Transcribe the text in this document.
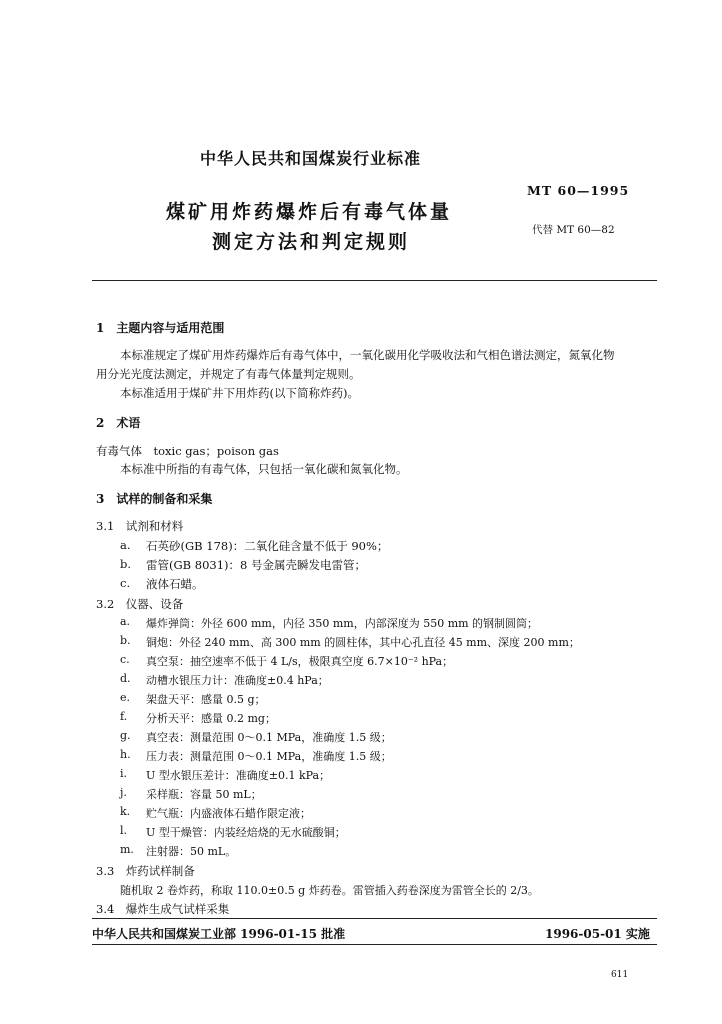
中华人民共和国煤炭行业标准
MT 60—1995
煤矿用炸药爆炸后有毒气体量
测定方法和判定规则
代替 MT 60—82
1　主题内容与适用范围
本标准规定了煤矿用炸药爆炸后有毒气体中，一氧化碳用化学吸收法和气相色谱法测定，氮氧化物
用分光光度法测定，并规定了有毒气体量判定规则。
本标准适用于煤矿井下用炸药(以下简称炸药)。
2　术语
有毒气体　toxic gas；poison gas
本标准中所指的有毒气体，只包括一氧化碳和氮氧化物。
3　试样的制备和采集
3.1　试剂和材料
a. 石英砂(GB 178)：二氧化硅含量不低于 90%；
b. 雷管(GB 8031)：8 号金属壳瞬发电雷管；
c. 液体石蜡。
3.2　仪器、设备
a. 爆炸弹筒：外径 600 mm，内径 350 mm，内部深度为 550 mm 的钢制圆筒；
b. 铜炮：外径 240 mm、高 300 mm 的圆柱体，其中心孔直径 45 mm、深度 200 mm；
c. 真空泵：抽空速率不低于 4 L/s，极限真空度 6.7×10⁻² hPa；
d. 动槽水银压力计：准确度±0.4 hPa；
e. 架盘天平：感量 0.5 g；
f. 分析天平：感量 0.2 mg；
g. 真空表：测量范围 0～0.1 MPa，准确度 1.5 级；
h. 压力表：测量范围 0～0.1 MPa，准确度 1.5 级；
i. U 型水银压差计：准确度±0.1 kPa；
j. 采样瓶：容量 50 mL；
k. 贮气瓶：内盛液体石蜡作限定液；
l. U 型干燥管：内装经焙烧的无水硫酸铜；
m. 注射器：50 mL。
3.3　炸药试样制备
随机取 2 卷炸药，称取 110.0±0.5 g 炸药卷。雷管插入药卷深度为雷管全长的 2/3。
3.4　爆炸生成气试样采集
中华人民共和国煤炭工业部 1996-01-15 批准	1996-05-01 实施
611
